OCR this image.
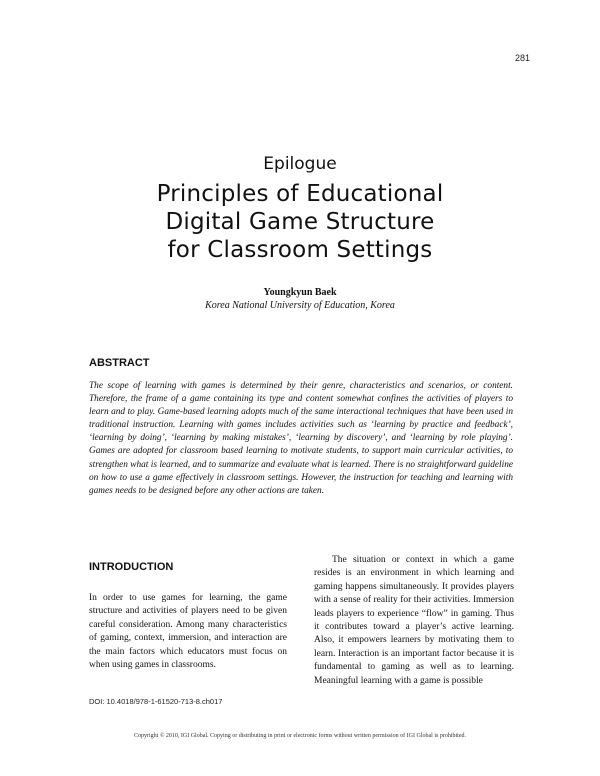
281
Epilogue
Principles of Educational
Digital Game Structure
for Classroom Settings
Youngkyun Baek
Korea National University of Education, Korea
ABSTRACT

The scope of learning with games is determined by their genre, characteristics and scenarios, or content. Therefore, the frame of a game containing its type and content somewhat confines the activities of players to learn and to play. Game-based learning adopts much of the same interactional techniques that have been used in traditional instruction. Learning with games includes activities such as ‘learning by practice and feedback’, ‘learning by doing’, ‘learning by making mistakes’, ‘learning by discovery’, and ‘learning by role playing’. Games are adopted for classroom based learning to motivate students, to support main curricular activities, to strengthen what is learned, and to summarize and evaluate what is learned. There is no straightforward guideline on how to use a game effectively in classroom settings. However, the instruction for teaching and learning with games needs to be designed before any other actions are taken.

INTRODUCTION

In order to use games for learning, the game structure and activities of players need to be given careful consideration. Among many characteristics of gaming, context, immersion, and interaction are the main factors which educators must focus on when using games in classrooms.

The situation or context in which a game resides is an environment in which learning and gaming happens simultaneously. It provides players with a sense of reality for their activities. Immersion leads players to experience “flow” in gaming. Thus it contributes toward a player’s active learning. Also, it empowers learners by motivating them to learn. Interaction is an important factor because it is fundamental to gaming as well as to learning. Meaningful learning with a game is possible

DOI: 10.4018/978-1-61520-713-8.ch017
Copyright © 2010, IGI Global. Copying or distributing in print or electronic forms without written permission of IGI Global is prohibited.
